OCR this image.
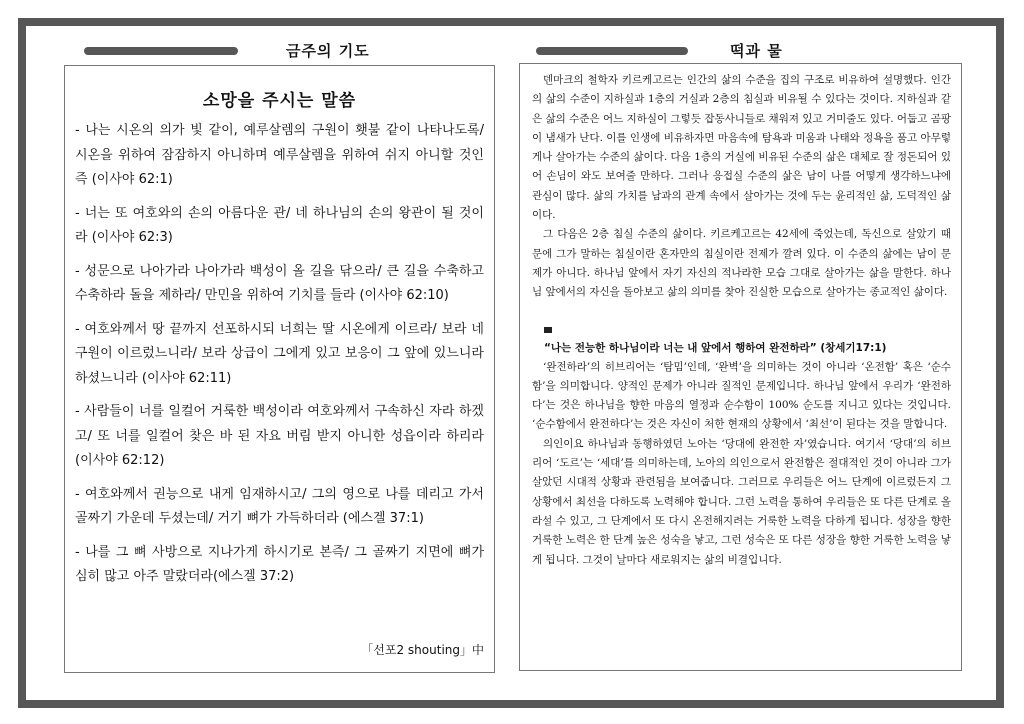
금주의 기도	떡과 물
소망을 주시는 말씀
- 나는 시온의 의가 빛 같이, 예루살렘의 구원이 횃불 같이 나타나도록/ 시온을 위하여 잠잠하지 아니하며 예루살렘을 위하여 쉬지 아니할 것인즉 (이사야 62:1)
- 너는 또 여호와의 손의 아름다운 관/ 네 하나님의 손의 왕관이 될 것이라 (이사야 62:3)
- 성문으로 나아가라 나아가라 백성이 올 길을 닦으라/ 큰 길을 수축하고 수축하라 돌을 제하라/ 만민을 위하여 기치를 들라 (이사야 62:10)
- 여호와께서 땅 끝까지 선포하시되 너희는 딸 시온에게 이르라/ 보라 네 구원이 이르렀느니라/ 보라 상급이 그에게 있고 보응이 그 앞에 있느니라 하셨느니라 (이사야 62:11)
- 사람들이 너를 일컬어 거룩한 백성이라 여호와께서 구속하신 자라 하겠고/ 또 너를 일컬어 찾은 바 된 자요 버림 받지 아니한 성읍이라 하리라 (이사야 62:12)
- 여호와께서 권능으로 내게 임재하시고/ 그의 영으로 나를 데리고 가서 골짜기 가운데 두셨는데/ 거기 뼈가 가득하더라 (에스겔 37:1)
- 나를 그 뼈 사방으로 지나가게 하시기로 본즉/ 그 골짜기 지면에 뼈가 심히 많고 아주 말랐더라(에스겔 37:2)
「선포2 shouting」中

덴마크의 철학자 키르케고르는 인간의 삶의 수준을 집의 구조로 비유하여 설명했다. 인간의 삶의 수준이 지하실과 1층의 거실과 2층의 침실과 비유될 수 있다는 것이다. 지하실과 같은 삶의 수준은 어느 지하실이 그렇듯 잡동사니들로 채워져 있고 거미줄도 있다. 어둡고 곰팡이 냄새가 난다. 이를 인생에 비유하자면 마음속에 탐욕과 미움과 나태와 정욕을 품고 아무렇게나 살아가는 수준의 삶이다. 다음 1층의 거실에 비유된 수준의 삶은 대체로 잘 정돈되어 있어 손님이 와도 보여줄 만하다. 그러나 응접실 수준의 삶은 남이 나를 어떻게 생각하느냐에 관심이 많다. 삶의 가치를 남과의 관계 속에서 살아가는 것에 두는 윤리적인 삶, 도덕적인 삶이다.

그 다음은 2층 침실 수준의 삶이다. 키르케고르는 42세에 죽었는데, 독신으로 살았기 때문에 그가 말하는 침실이란 혼자만의 침실이란 전제가 깔려 있다. 이 수준의 삶에는 남이 문제가 아니다. 하나님 앞에서 자기 자신의 적나라한 모습 그대로 살아가는 삶을 말한다. 하나님 앞에서의 자신을 돌아보고 삶의 의미를 찾아 진실한 모습으로 살아가는 종교적인 삶이다.

“나는 전능한 하나님이라 너는 내 앞에서 행하여 완전하라” (창세기17:1)

‘완전하라’의 히브리어는 ‘탐밈’인데, ‘완벽’을 의미하는 것이 아니라 ‘온전함’ 혹은 ‘순수함’을 의미합니다. 양적인 문제가 아니라 질적인 문제입니다. 하나님 앞에서 우리가 ‘완전하다’는 것은 하나님을 향한 마음의 열정과 순수함이 100% 순도를 지니고 있다는 것입니다. ‘순수함에서 완전하다’는 것은 자신이 처한 현재의 상황에서 ‘최선’이 된다는 것을 말합니다.

의인이요 하나님과 동행하였던 노아는 ‘당대에 완전한 자’였습니다. 여기서 ‘당대’의 히브리어 ‘도르’는 ‘세대’를 의미하는데, 노아의 의인으로서 완전함은 절대적인 것이 아니라 그가 살았던 시대적 상황과 관련됨을 보여줍니다. 그러므로 우리들은 어느 단계에 이르렀든지 그 상황에서 최선을 다하도록 노력해야 합니다. 그런 노력을 통하여 우리들은 또 다른 단계로 올라설 수 있고, 그 단계에서 또 다시 온전해지려는 거룩한 노력을 다하게 됩니다. 성장을 향한 거룩한 노력은 한 단계 높은 성숙을 낳고, 그런 성숙은 또 다른 성장을 향한 거룩한 노력을 낳게 됩니다. 그것이 날마다 새로워지는 삶의 비결입니다.
